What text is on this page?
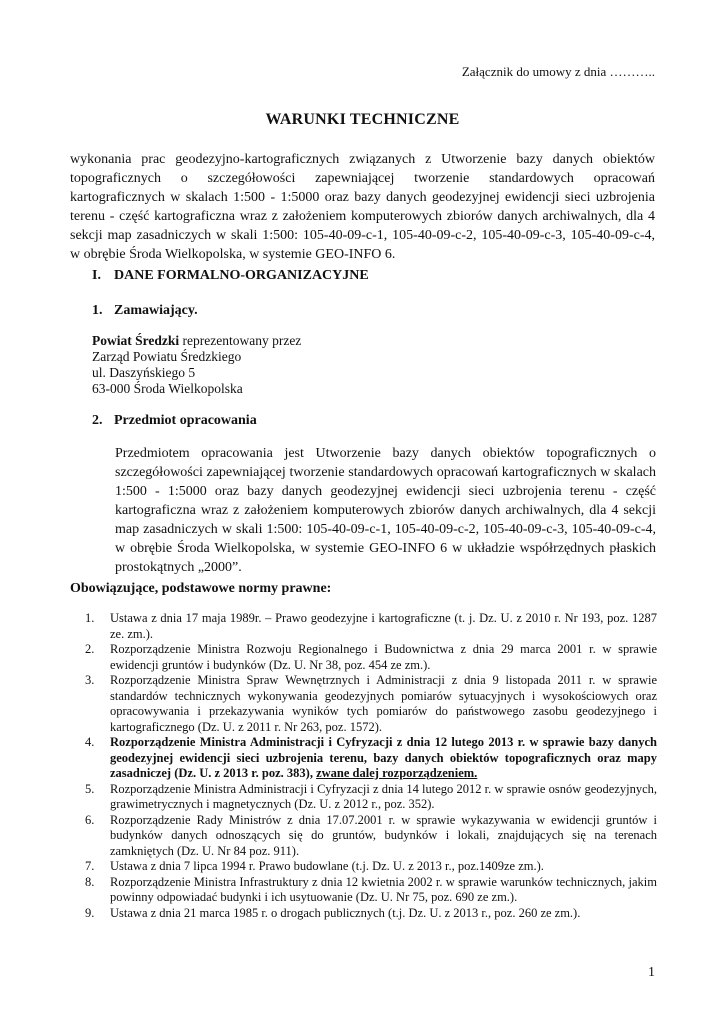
Załącznik do umowy z dnia ………..
WARUNKI TECHNICZNE
wykonania prac geodezyjno-kartograficznych związanych z Utworzenie bazy danych obiektów topograficznych o szczegółowości zapewniającej tworzenie standardowych opracowań kartograficznych w skalach 1:500 - 1:5000 oraz bazy danych geodezyjnej ewidencji sieci uzbrojenia terenu - część kartograficzna wraz z założeniem komputerowych zbiorów danych archiwalnych, dla 4 sekcji map zasadniczych w skali 1:500: 105-40-09-c-1, 105-40-09-c-2, 105-40-09-c-3, 105-40-09-c-4, w obrębie Środa Wielkopolska, w systemie GEO-INFO 6.
I. DANE FORMALNO-ORGANIZACYJNE
1. Zamawiający.
Powiat Średzki reprezentowany przez
Zarząd Powiatu Średzkiego
ul. Daszyńskiego 5
63-000 Środa Wielkopolska
2. Przedmiot opracowania
Przedmiotem opracowania jest Utworzenie bazy danych obiektów topograficznych o szczegółowości zapewniającej tworzenie standardowych opracowań kartograficznych w skalach 1:500 - 1:5000 oraz bazy danych geodezyjnej ewidencji sieci uzbrojenia terenu - część kartograficzna wraz z założeniem komputerowych zbiorów danych archiwalnych, dla 4 sekcji map zasadniczych w skali 1:500: 105-40-09-c-1, 105-40-09-c-2, 105-40-09-c-3, 105-40-09-c-4, w obrębie Środa Wielkopolska, w systemie GEO-INFO 6 w układzie współrzędnych płaskich prostokątnych „2000”.
Obowiązujące, podstawowe normy prawne:
1.	Ustawa z dnia 17 maja 1989r. – Prawo geodezyjne i kartograficzne (t. j. Dz. U. z 2010 r. Nr 193, poz. 1287 ze. zm.).
2.	Rozporządzenie Ministra Rozwoju Regionalnego i Budownictwa z dnia 29 marca 2001 r. w sprawie ewidencji gruntów i budynków (Dz. U. Nr 38, poz. 454 ze zm.).
3.	Rozporządzenie Ministra Spraw Wewnętrznych i Administracji z dnia 9 listopada 2011 r. w sprawie standardów technicznych wykonywania geodezyjnych pomiarów sytuacyjnych i wysokościowych oraz opracowywania i przekazywania wyników tych pomiarów do państwowego zasobu geodezyjnego i kartograficznego (Dz. U. z 2011 r. Nr 263, poz. 1572).
4.	Rozporządzenie Ministra Administracji i Cyfryzacji z dnia 12 lutego 2013 r. w sprawie bazy danych geodezyjnej ewidencji sieci uzbrojenia terenu, bazy danych obiektów topograficznych oraz mapy zasadniczej (Dz. U. z 2013 r. poz. 383), zwane dalej rozporządzeniem.
5.	Rozporządzenie Ministra Administracji i Cyfryzacji z dnia 14 lutego 2012 r. w sprawie osnów geodezyjnych, grawimetrycznych i magnetycznych (Dz. U. z 2012 r., poz. 352).
6.	Rozporządzenie Rady Ministrów z dnia 17.07.2001 r. w sprawie wykazywania w ewidencji gruntów i budynków danych odnoszących się do gruntów, budynków i lokali, znajdujących się na terenach zamkniętych (Dz. U. Nr 84 poz. 911).
7.	Ustawa z dnia 7 lipca 1994 r. Prawo budowlane (t.j. Dz. U. z 2013 r., poz.1409ze zm.).
8.	Rozporządzenie Ministra Infrastruktury z dnia 12 kwietnia 2002 r. w sprawie warunków technicznych, jakim powinny odpowiadać budynki i ich usytuowanie (Dz. U. Nr 75, poz. 690 ze zm.).
9.	Ustawa z dnia 21 marca 1985 r. o drogach publicznych (t.j. Dz. U. z 2013 r., poz. 260 ze zm.).
1
